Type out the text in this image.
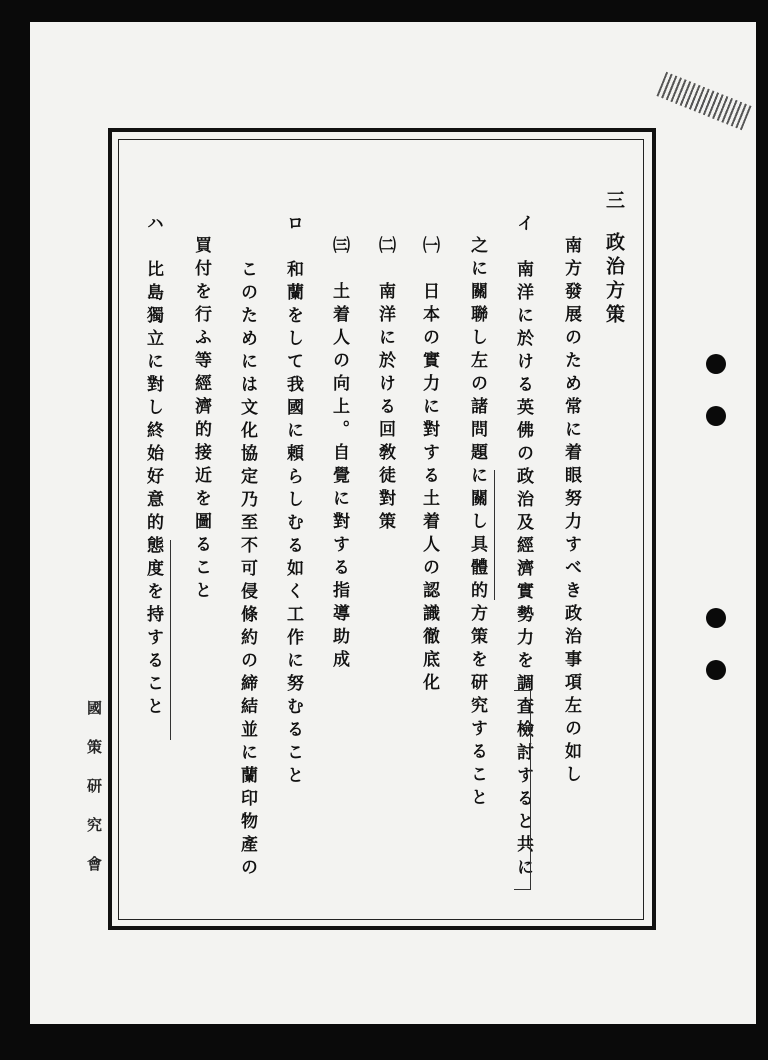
三
政治方策
南方發展のため常に着眼努力すべき政治事項左の如し
イ　南洋に於ける英佛の政治及經濟實勢力を調査檢討すると共に
之に關聯し左の諸問題に關し具體的方策を研究すること
㈠　日本の實力に對する土着人の認識徹底化
㈡　南洋に於ける回敎徒對策
㈢　土着人の向上。自覺に對する指導助成
ロ　和蘭をして我國に頼らしむる如く工作に努むること
このためには文化協定乃至不可侵條約の締結並に蘭印物產の
買付を行ふ等經濟的接近を圖ること
ハ　比島獨立に對し終始好意的態度を持すること
國策研究會
